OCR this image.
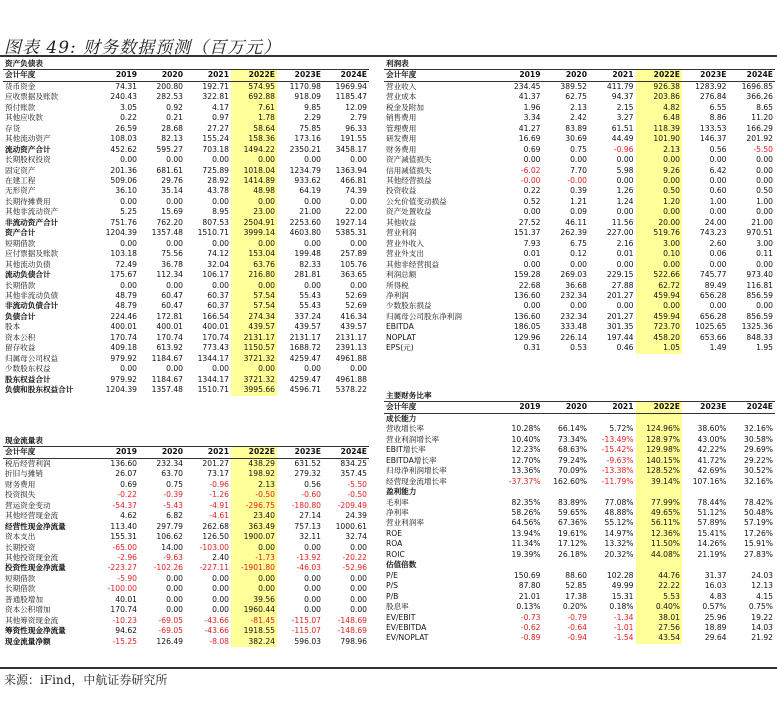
图表 49: 财务数据预测（百万元）
资产负债表						
会计年度	2019	2020	2021	2022E	2023E	2024E
货币资金	74.31	200.80	192.71	574.95	1170.98	1969.94
应收票据及账款	240.43	282.53	322.81	692.88	918.09	1185.47
预付账款	3.05	0.92	4.17	7.61	9.85	12.09
其他应收款	0.22	0.21	0.97	1.78	2.29	2.79
存货	26.59	28.68	27.27	58.64	75.85	96.33
其他流动资产	108.03	82.13	155.24	158.36	173.16	191.55
流动资产合计	452.62	595.27	703.18	1494.22	2350.21	3458.17
长期股权投资	0.00	0.00	0.00	0.00	0.00	0.00
固定资产	201.36	681.61	725.89	1018.04	1234.79	1363.94
在建工程	509.06	29.76	28.92	1414.89	933.62	466.81
无形资产	36.10	35.14	43.78	48.98	64.19	74.39
长期待摊费用	0.00	0.00	0.00	0.00	0.00	0.00
其他非流动资产	5.25	15.69	8.95	23.00	21.00	22.00
非流动资产合计	751.76	762.20	807.53	2504.91	2253.60	1927.14
资产合计	1204.39	1357.48	1510.71	3999.14	4603.80	5385.31
短期借款	0.00	0.00	0.00	0.00	0.00	0.00
应付票据及账款	103.18	75.56	74.12	153.04	199.48	257.89
其他流动负债	72.49	36.78	32.04	63.76	82.33	105.76
流动负债合计	175.67	112.34	106.17	216.80	281.81	363.65
长期借款	0.00	0.00	0.00	0.00	0.00	0.00
其他非流动负债	48.79	60.47	60.37	57.54	55.43	52.69
非流动负债合计	48.79	60.47	60.37	57.54	55.43	52.69
负债合计	224.46	172.81	166.54	274.34	337.24	416.34
股本	400.01	400.01	400.01	439.57	439.57	439.57
资本公积	170.74	170.74	170.74	2131.17	2131.17	2131.17
留存收益	409.18	613.92	773.43	1150.57	1688.72	2391.13
归属母公司权益	979.92	1184.67	1344.17	3721.32	4259.47	4961.88
少数股东权益	0.00	0.00	0.00	0.00	0.00	0.00
股东权益合计	979.92	1184.67	1344.17	3721.32	4259.47	4961.88
负债和股东权益合计	1204.39	1357.48	1510.71	3995.66	4596.71	5378.22
利润表						
会计年度	2019	2020	2021	2022E	2023E	2024E
营业收入	234.45	389.52	411.79	926.38	1283.92	1696.85
营业成本	41.37	62.75	94.37	203.86	276.84	366.26
税金及附加	1.96	2.13	2.15	4.82	6.55	8.65
销售费用	3.34	2.42	3.27	6.48	8.86	11.20
管理费用	41.27	83.89	61.51	118.39	133.53	166.29
研发费用	16.69	30.69	44.49	101.90	146.37	201.92
财务费用	0.69	0.75	-0.96	2.13	0.56	-5.50
资产减值损失	0.00	0.00	0.00	0.00	0.00	0.00
信用减值损失	-6.02	7.70	5.98	9.26	6.42	0.00
其他经营损益	-0.00	-0.00	0.00	0.00	0.00	0.00
投资收益	0.22	0.39	1.26	0.50	0.60	0.50
公允价值变动损益	0.52	1.21	1.24	1.20	1.00	1.00
资产处置收益	0.00	0.09	0.00	0.00	0.00	0.00
其他收益	27.52	46.11	11.56	20.00	24.00	21.00
营业利润	151.37	262.39	227.00	519.76	743.23	970.51
营业外收入	7.93	6.75	2.16	3.00	2.60	3.00
营业外支出	0.01	0.12	0.01	0.10	0.06	0.11
其他非经营损益	0.00	0.00	0.00	0.00	0.00	0.00
利润总额	159.28	269.03	229.15	522.66	745.77	973.40
所得税	22.68	36.68	27.88	62.72	89.49	116.81
净利润	136.60	232.34	201.27	459.94	656.28	856.59
少数股东损益	0.00	0.00	0.00	0.00	0.00	0.00
归属母公司股东净利润	136.60	232.34	201.27	459.94	656.28	856.59
EBITDA	186.05	333.48	301.35	723.70	1025.65	1325.36
NOPLAT	129.96	226.14	197.44	458.20	653.66	848.33
EPS(元)	0.31	0.53	0.46	1.05	1.49	1.95
现金流量表						
会计年度	2019	2020	2021	2022E	2023E	2024E
税后经营利润	136.60	232.34	201.27	438.29	631.52	834.25
折旧与摊销	26.07	63.70	73.17	198.92	279.32	357.45
财务费用	0.69	0.75	-0.96	2.13	0.56	-5.50
投资损失	-0.22	-0.39	-1.26	-0.50	-0.60	-0.50
营运资金变动	-54.37	-5.43	-4.91	-296.75	-180.80	-209.49
其他经营现金流	4.62	6.82	-4.61	23.40	27.14	24.39
经营性现金净流量	113.40	297.79	262.68	363.49	757.13	1000.61
资本支出	155.31	106.62	126.50	1900.07	32.11	32.74
长期投资	-65.00	14.00	-103.00	0.00	0.00	0.00
其他投资现金流	-2.96	-9.63	2.40	-1.73	-13.92	-20.22
投资性现金净流量	-223.27	-102.26	-227.11	-1901.80	-46.03	-52.96
短期借款	-5.90	0.00	0.00	0.00	0.00	0.00
长期借款	-100.00	0.00	0.00	0.00	0.00	0.00
普通股增加	40.01	0.00	0.00	39.56	0.00	0.00
资本公积增加	170.74	0.00	0.00	1960.44	0.00	0.00
其他筹资现金流	-10.23	-69.05	-43.66	-81.45	-115.07	-148.69
筹资性现金净流量	94.62	-69.05	-43.66	1918.55	-115.07	-148.69
现金流量净额	-15.25	126.49	-8.08	382.24	596.03	798.96
主要财务比率						
会计年度	2019	2020	2021	2022E	2023E	2024E
成长能力						
营收增长率	10.28%	66.14%	5.72%	124.96%	38.60%	32.16%
营业利润增长率	10.40%	73.34%	-13.49%	128.97%	43.00%	30.58%
EBIT增长率	12.23%	68.63%	-15.42%	129.98%	42.22%	29.69%
EBITDA增长率	12.70%	79.24%	-9.63%	140.15%	41.72%	29.22%
归母净利润增长率	13.36%	70.09%	-13.38%	128.52%	42.69%	30.52%
经营现金流增长率	-37.37%	162.60%	-11.79%	39.14%	107.16%	32.16%
盈利能力						
毛利率	82.35%	83.89%	77.08%	77.99%	78.44%	78.42%
净利率	58.26%	59.65%	48.88%	49.65%	51.12%	50.48%
营业利润率	64.56%	67.36%	55.12%	56.11%	57.89%	57.19%
ROE	13.94%	19.61%	14.97%	12.36%	15.41%	17.26%
ROA	11.34%	17.12%	13.32%	11.50%	14.26%	15.91%
ROIC	19.39%	26.18%	20.32%	44.08%	21.19%	27.83%
估值倍数						
P/E	150.69	88.60	102.28	44.76	31.37	24.03
P/S	87.80	52.85	49.99	22.22	16.03	12.13
P/B	21.01	17.38	15.31	5.53	4.83	4.15
股息率	0.13%	0.20%	0.18%	0.40%	0.57%	0.75%
EV/EBIT	-0.73	-0.79	-1.34	38.01	25.96	19.22
EV/EBITDA	-0.62	-0.64	-1.01	27.56	18.89	14.03
EV/NOPLAT	-0.89	-0.94	-1.54	43.54	29.64	21.92
来源：iFind，中航证券研究所
